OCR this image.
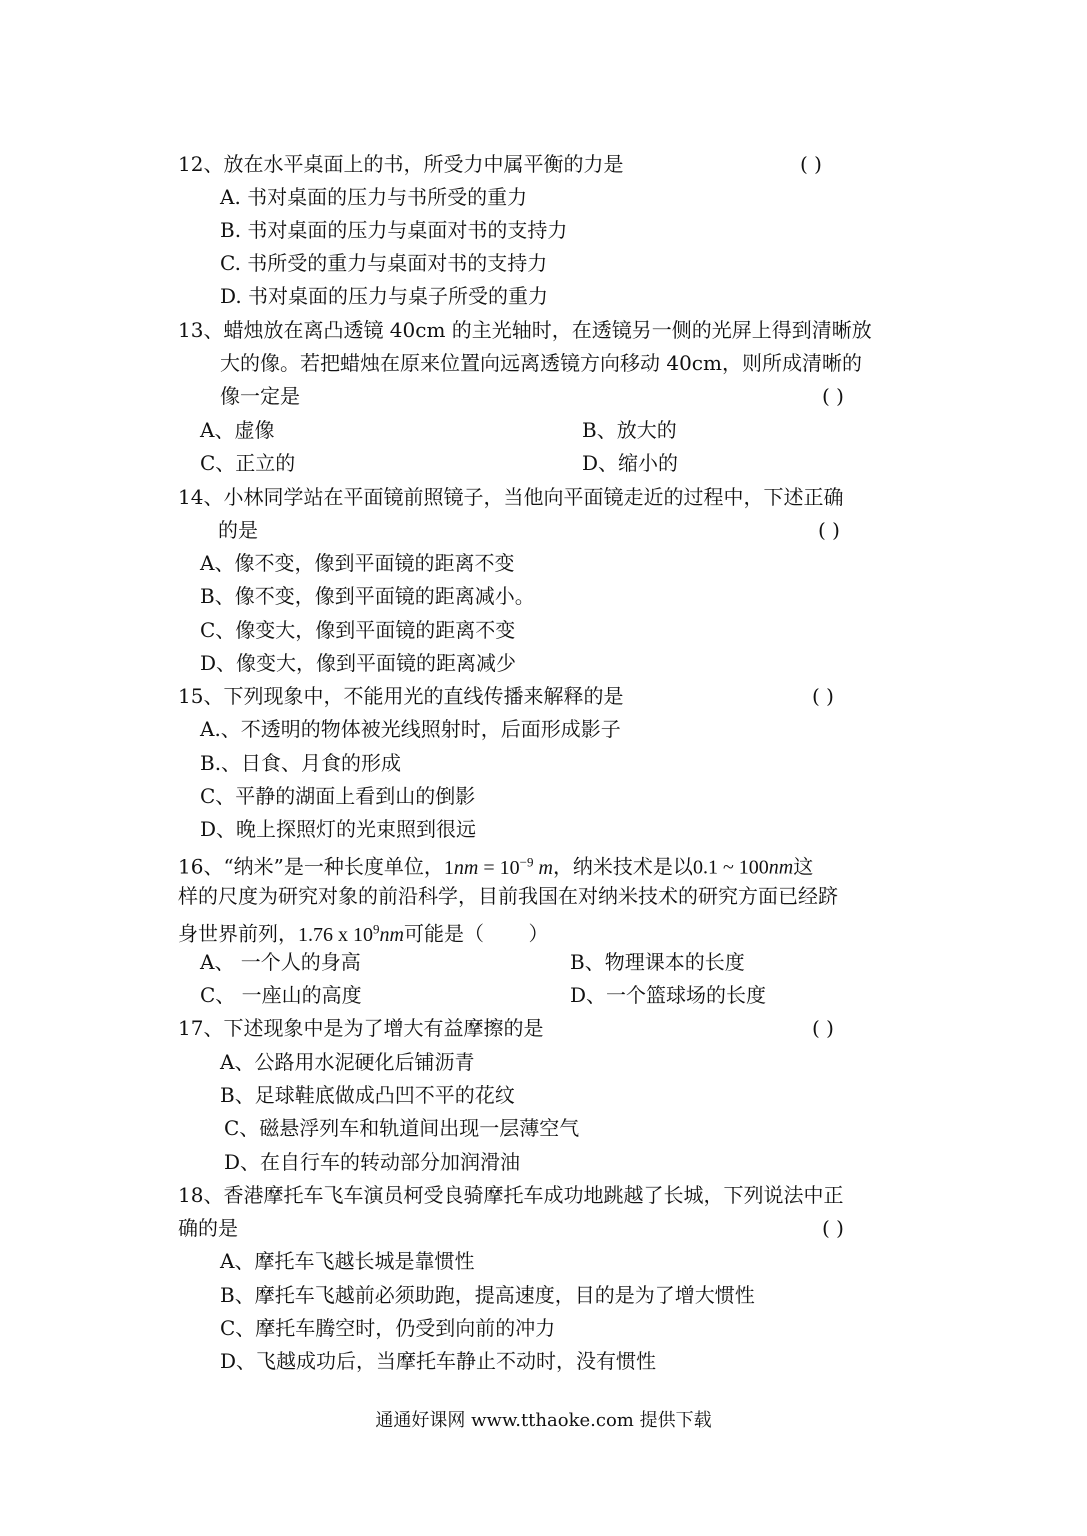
12、放在水平桌面上的书，所受力中属平衡的力是	( )
A. 书对桌面的压力与书所受的重力
B. 书对桌面的压力与桌面对书的支持力
C. 书所受的重力与桌面对书的支持力
D. 书对桌面的压力与桌子所受的重力
13、蜡烛放在离凸透镜 40cm 的主光轴时，在透镜另一侧的光屏上得到清晰放
大的像。若把蜡烛在原来位置向远离透镜方向移动 40cm，则所成清晰的
像一定是	( )
A、虚像	B、放大的
C、正立的	D、缩小的
14、小林同学站在平面镜前照镜子，当他向平面镜走近的过程中，下述正确
的是	( )
A、像不变，像到平面镜的距离不变
B、像不变，像到平面镜的距离减小。
C、像变大，像到平面镜的距离不变
D、像变大，像到平面镜的距离减少
15、下列现象中，不能用光的直线传播来解释的是	( )
A.、不透明的物体被光线照射时，后面形成影子
B.、日食、月食的形成
C、平静的湖面上看到山的倒影
D、晚上探照灯的光束照到很远
16、“纳米”是一种长度单位，$1nm = 10^{-9}$ m，纳米技术是以0.1 ~ 100nm这
样的尺度为研究对象的前沿科学，目前我国在对纳米技术的研究方面已经跻
身世界前列，1.76 x $10^9nm$可能是（       ）
A、 一个人的身高	B、物理课本的长度
C、 一座山的高度	D、一个篮球场的长度
17、下述现象中是为了增大有益摩擦的是	( )
A、公路用水泥硬化后铺沥青
B、足球鞋底做成凸凹不平的花纹
C、磁悬浮列车和轨道间出现一层薄空气
D、在自行车的转动部分加润滑油
18、香港摩托车飞车演员柯受良骑摩托车成功地跳越了长城，下列说法中正
确的是	( )
A、摩托车飞越长城是靠惯性
B、摩托车飞越前必须助跑，提高速度，目的是为了增大惯性
C、摩托车腾空时，仍受到向前的冲力
D、飞越成功后，当摩托车静止不动时，没有惯性
通通好课网 www.tthaoke.com 提供下载
